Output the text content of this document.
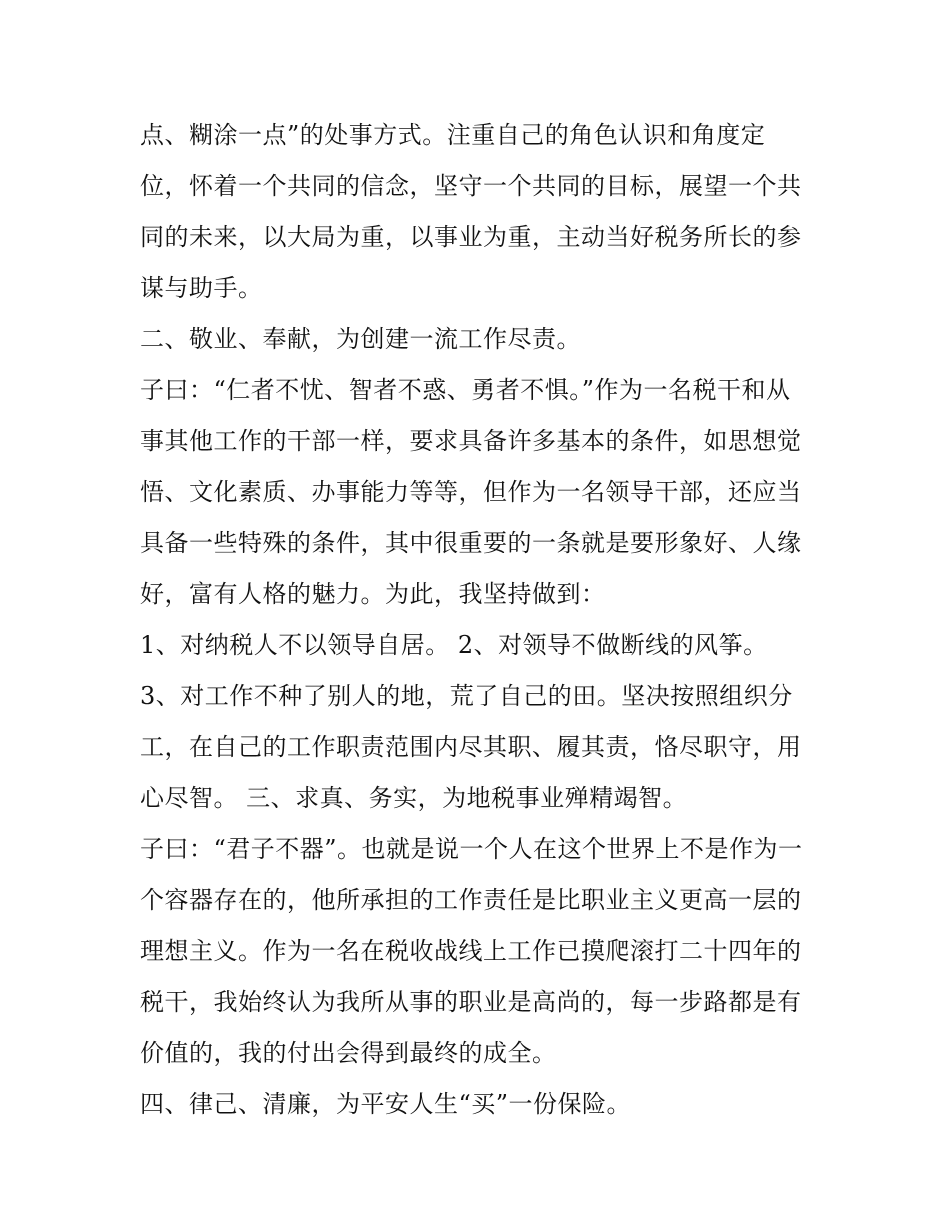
点、糊涂一点”的处事方式。注重自己的角色认识和角度定
位，怀着一个共同的信念，坚守一个共同的目标，展望一个共
同的未来，以大局为重，以事业为重，主动当好税务所长的参
谋与助手。
二、敬业、奉献，为创建一流工作尽责。
子曰：“仁者不忧、智者不惑、勇者不惧。”作为一名税干和从
事其他工作的干部一样，要求具备许多基本的条件，如思想觉
悟、文化素质、办事能力等等，但作为一名领导干部，还应当
具备一些特殊的条件，其中很重要的一条就是要形象好、人缘
好，富有人格的魅力。为此，我坚持做到：
1、对纳税人不以领导自居。 2、对领导不做断线的风筝。
3、对工作不种了别人的地，荒了自己的田。坚决按照组织分
工，在自己的工作职责范围内尽其职、履其责，恪尽职守，用
心尽智。 三、求真、务实，为地税事业殚精竭智。
子曰：“君子不器”。也就是说一个人在这个世界上不是作为一
个容器存在的，他所承担的工作责任是比职业主义更高一层的
理想主义。作为一名在税收战线上工作已摸爬滚打二十四年的
税干，我始终认为我所从事的职业是高尚的，每一步路都是有
价值的，我的付出会得到最终的成全。
四、律己、清廉，为平安人生“买”一份保险。
